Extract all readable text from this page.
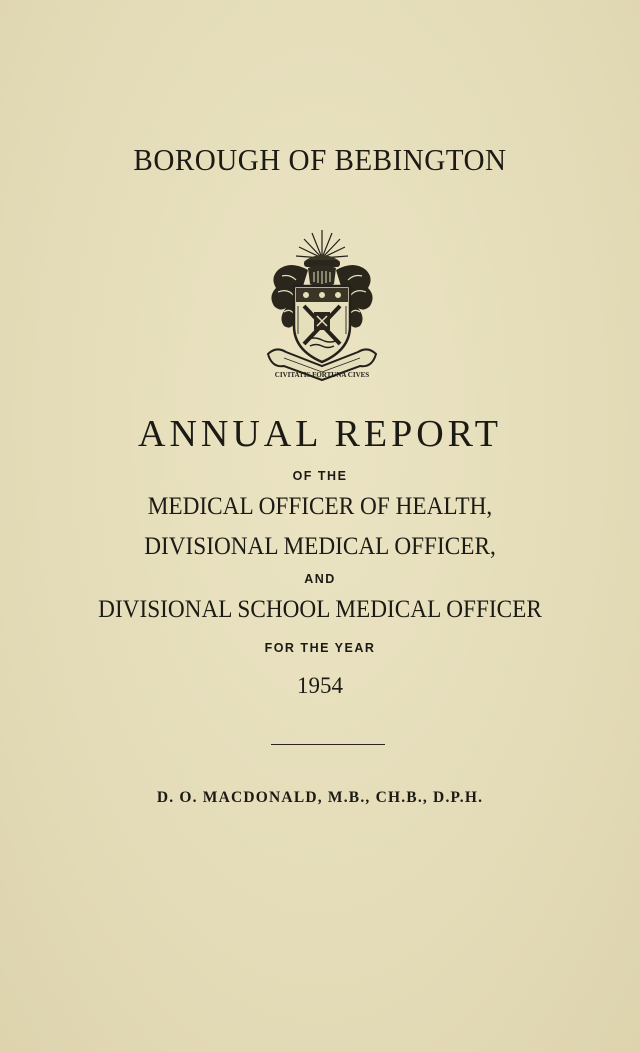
BOROUGH OF BEBINGTON
CIVITATIS FORTUNA CIVES
ANNUAL REPORT
OF THE
MEDICAL OFFICER OF HEALTH,
DIVISIONAL MEDICAL OFFICER,
AND
DIVISIONAL SCHOOL MEDICAL OFFICER
FOR THE YEAR
1954
D. O. MACDONALD, M.B., CH.B., D.P.H.
